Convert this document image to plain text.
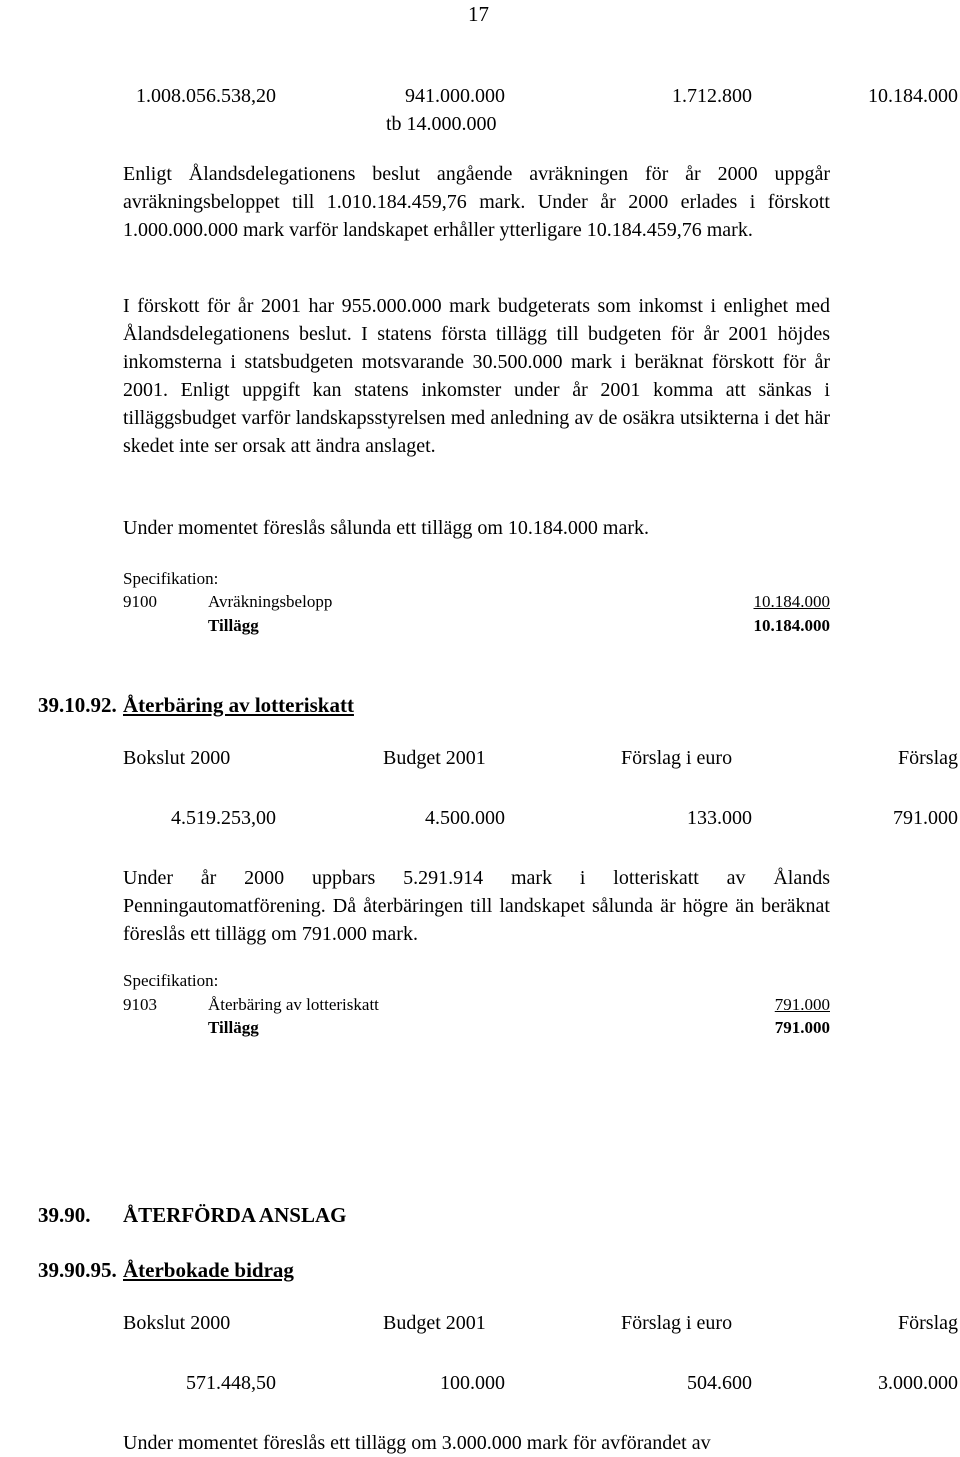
17
1.008.056.538,20	941.000.000	1.712.800	10.184.000
tb 14.000.000
Enligt Ålandsdelegationens beslut angående avräkningen för år 2000 uppgår avräkningsbeloppet till 1.010.184.459,76 mark. Under år 2000 erlades i förskott 1.000.000.000 mark varför landskapet erhåller ytterligare 10.184.459,76 mark.
I förskott för år 2001 har 955.000.000 mark budgeterats som inkomst i enlighet med Ålandsdelegationens beslut. I statens första tillägg till budgeten för år 2001 höjdes inkomsterna i statsbudgeten motsvarande 30.500.000 mark i beräknat förskott för år 2001. Enligt uppgift kan statens inkomster under år 2001 komma att sänkas i tilläggsbudget varför landskapsstyrelsen med anledning av de osäkra utsikterna i det här skedet inte ser orsak att ändra anslaget.
Under momentet föreslås sålunda ett tillägg om 10.184.000 mark.
Specifikation:
9100	Avräkningsbelopp	10.184.000
Tillägg	10.184.000
39.10.92.
Bokslut 2000	Budget 2001	Förslag i euro	Förslag
4.519.253,00	4.500.000	133.000	791.000
Under år 2000 uppbars 5.291.914 mark i lotteriskatt av Ålands Penningautomatförening. Då återbäringen till landskapet sålunda är högre än beräknat föreslås ett tillägg om 791.000 mark.
Specifikation:
9103	Återbäring av lotteriskatt	791.000
Tillägg	791.000
39.90.
39.90.95.
Bokslut 2000	Budget 2001	Förslag i euro	Förslag
571.448,50	100.000	504.600	3.000.000
Under momentet föreslås ett tillägg om 3.000.000 mark för avförandet av
Återbäring av lotteriskatt
ÅTERFÖRDA ANSLAG
Återbokade bidrag
